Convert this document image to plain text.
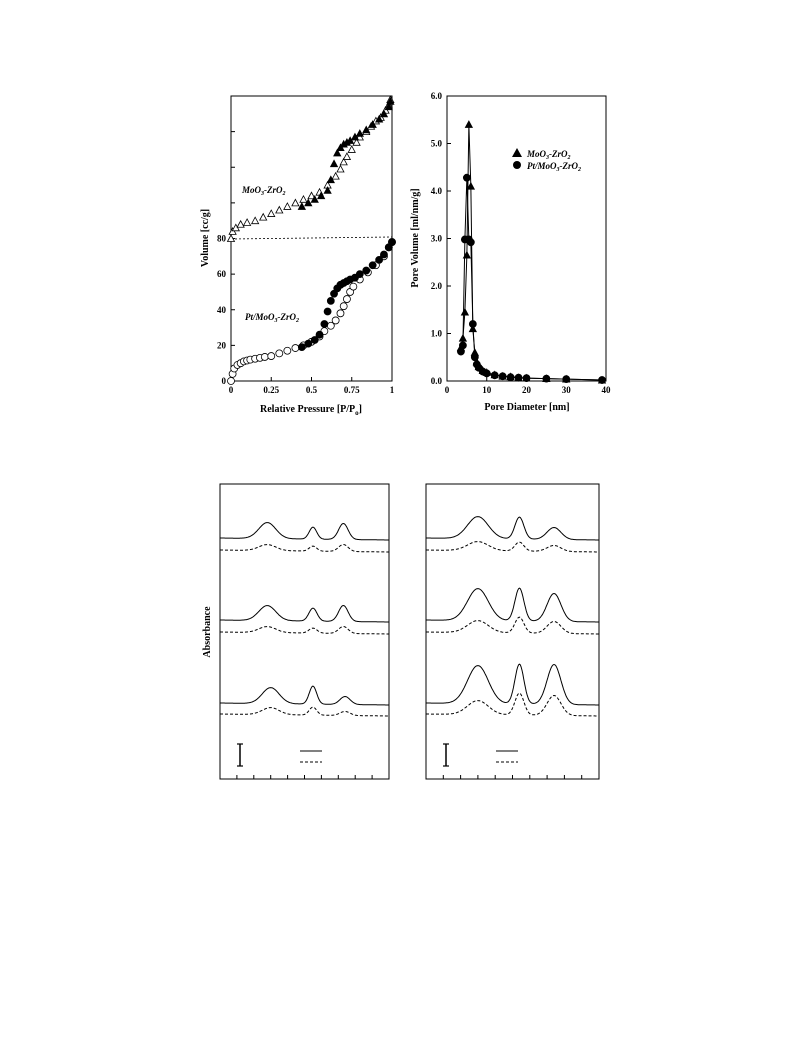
Relative Pressure $[P/P_o]$
Volume [cc/g]
MoO$_3$-ZrO$_2$
Pt/MoO$_3$-ZrO$_2$
0	0.25	0.5	0.75	1
0
20
40
60
80
Pore Diameter [nm]
Pore Volume [ml/nm/g]
0	10	20	30	40
0.0
1.0
2.0
3.0
4.0
5.0
6.0
MoO$_3$-ZrO$_2$
Pt/MoO$_3$-ZrO$_2$
Absorbance
